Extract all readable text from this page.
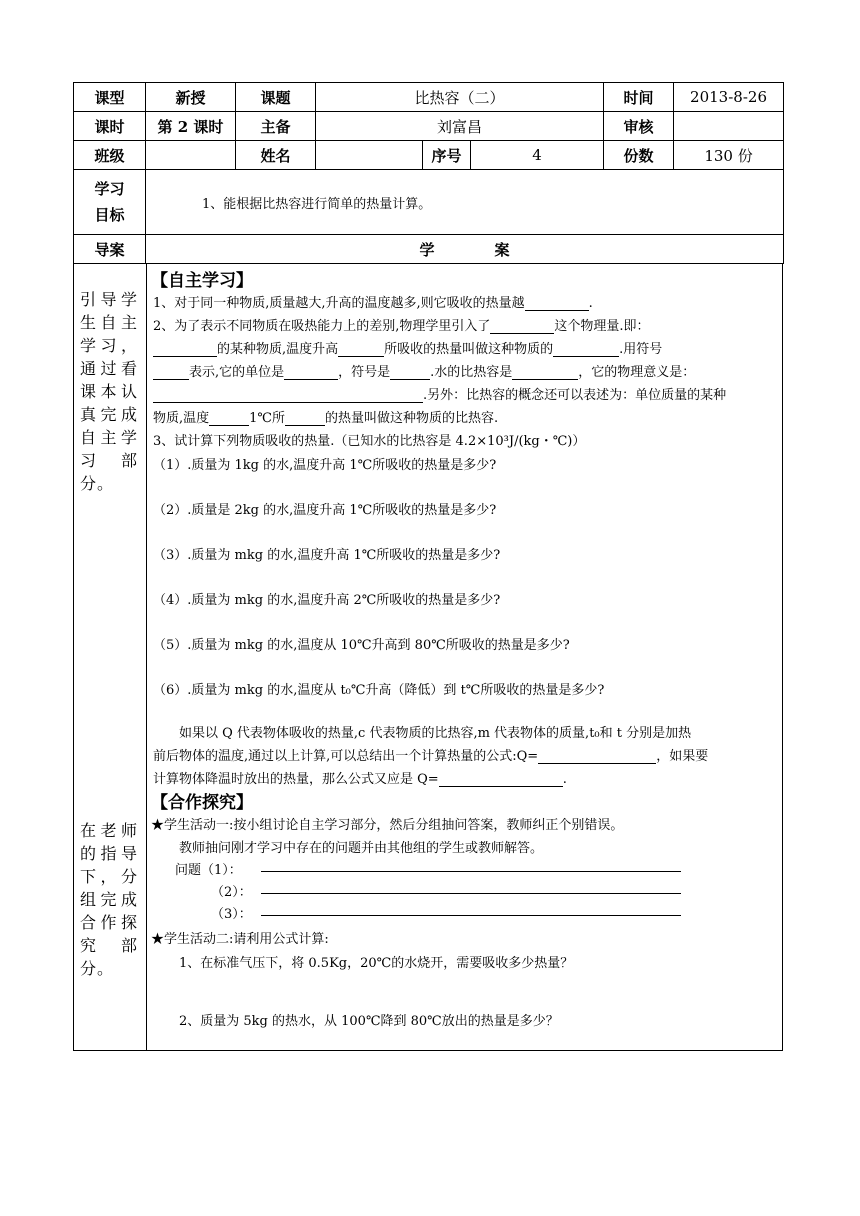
课型	新授	课题	比热容（二）			时间	2013-8-26
课时	第 2 课时	主备	刘富昌			审核	
班级		姓名		序号	4	份数	130 份

学习
目标	1、能根据比热容进行简单的热量计算。						
导案	学　　　　案						
引导学生自主学习，通过看课本认真完成自主学习部分。
在老师的指导下，分组完成合作探究部分。
【自主学习】
1、对于同一种物质,质量越大,升高的温度越多,则它吸收的热量越	.
2、为了表示不同物质在吸热能力上的差别,物理学里引入了	这个物理量.即：
的某种物质,温度升高	所吸收的热量叫做这种物质的	.用符号
表示,它的单位是	，符号是	.水的比热容是	，它的物理意义是：
.另外：比热容的概念还可以表述为：单位质量的某种
物质,温度	1℃所	的热量叫做这种物质的比热容.
3、试计算下列物质吸收的热量.（已知水的比热容是 4.2×10³J/(kg・℃)）
（1）.质量为 1kg 的水,温度升高 1℃所吸收的热量是多少?
（2）.质量是 2kg 的水,温度升高 1℃所吸收的热量是多少?
（3）.质量为 mkg 的水,温度升高 1℃所吸收的热量是多少?
（4）.质量为 mkg 的水,温度升高 2℃所吸收的热量是多少?
（5）.质量为 mkg 的水,温度从 10℃升高到 80℃所吸收的热量是多少?
（6）.质量为 mkg 的水,温度从 t₀℃升高（降低）到 t℃所吸收的热量是多少?
如果以 Q 代表物体吸收的热量,c 代表物质的比热容,m 代表物体的质量,t₀和 t 分别是加热
前后物体的温度,通过以上计算,可以总结出一个计算热量的公式:Q=	，如果要
计算物体降温时放出的热量，那么公式又应是 Q=	.
【合作探究】
★学生活动一:按小组讨论自主学习部分，然后分组抽问答案，教师纠正个别错误。
教师抽问刚才学习中存在的问题并由其他组的学生或教师解答。
问题（1）：
（2）：
（3）：
★学生活动二:请利用公式计算:
1、在标准气压下，将 0.5Kg，20℃的水烧开，需要吸收多少热量？
2、质量为 5kg 的热水，从 100℃降到 80℃放出的热量是多少？
